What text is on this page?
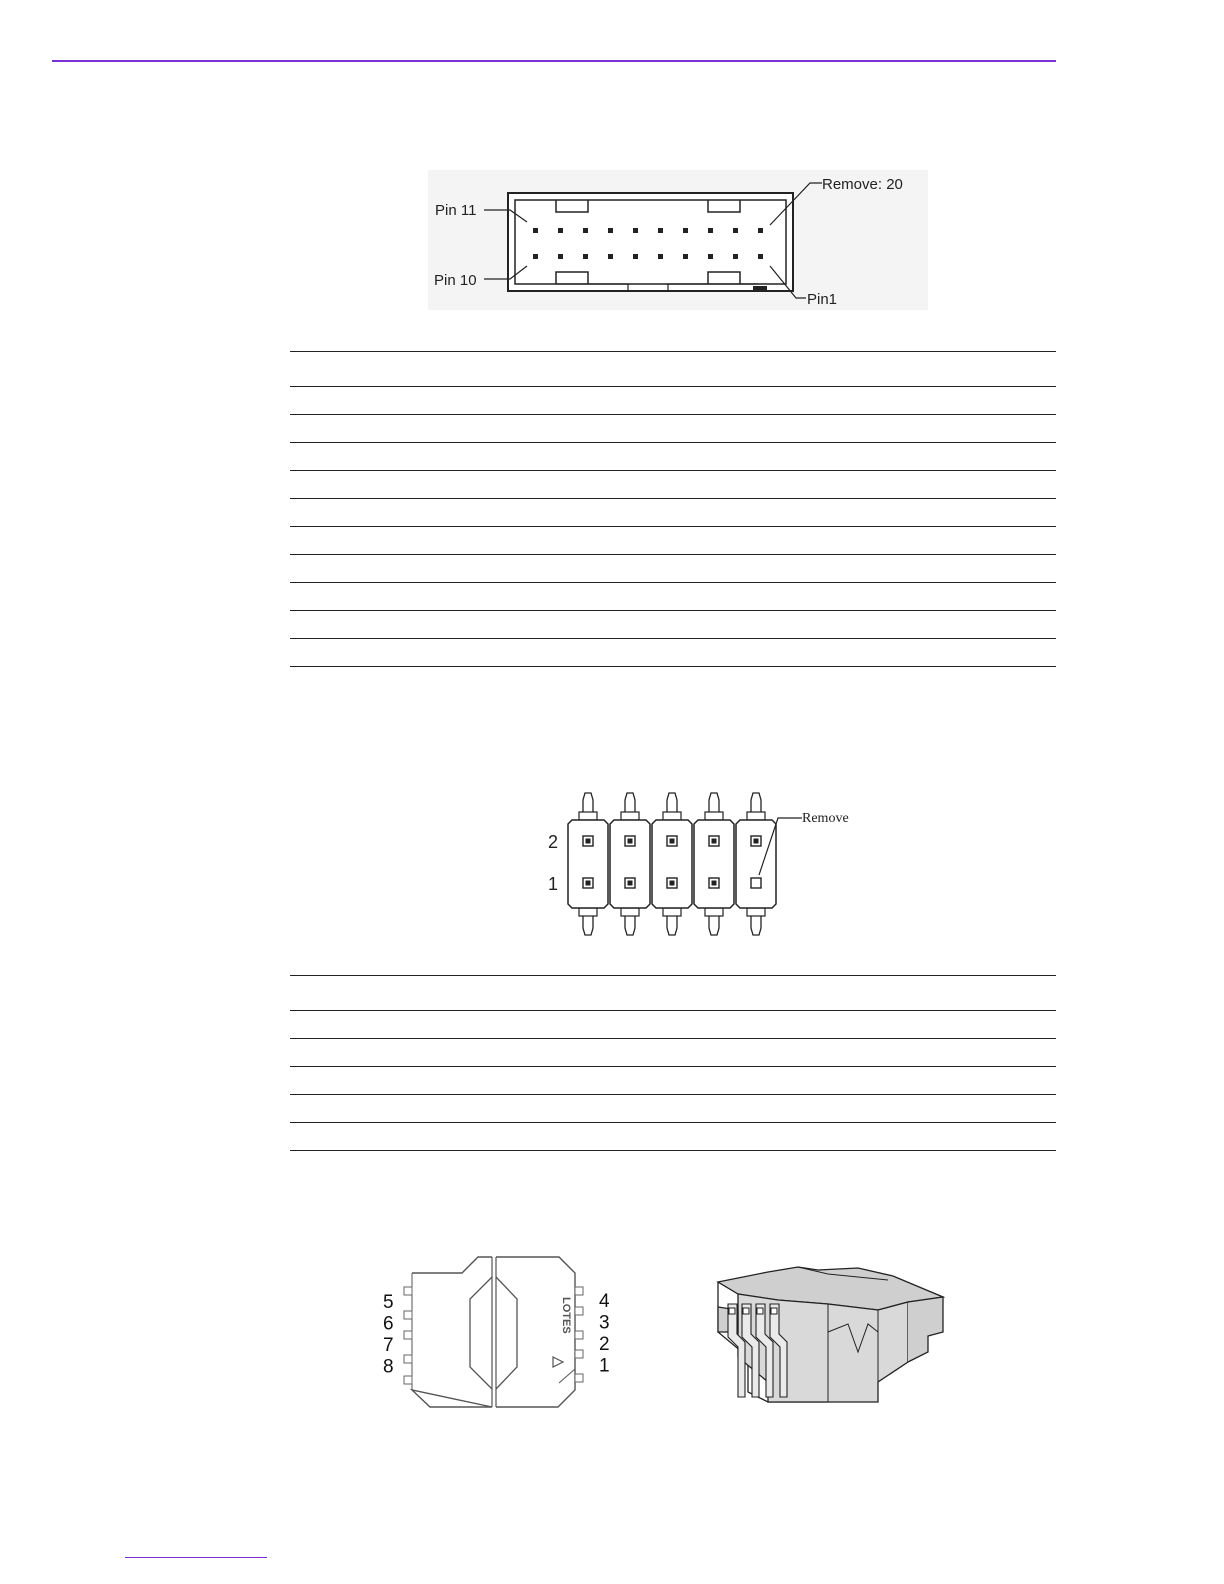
Pin 11
Pin 10
Remove: 20
Pin1
Remove
2
1
LOTES
5
6
7
8
4
3
2
1
